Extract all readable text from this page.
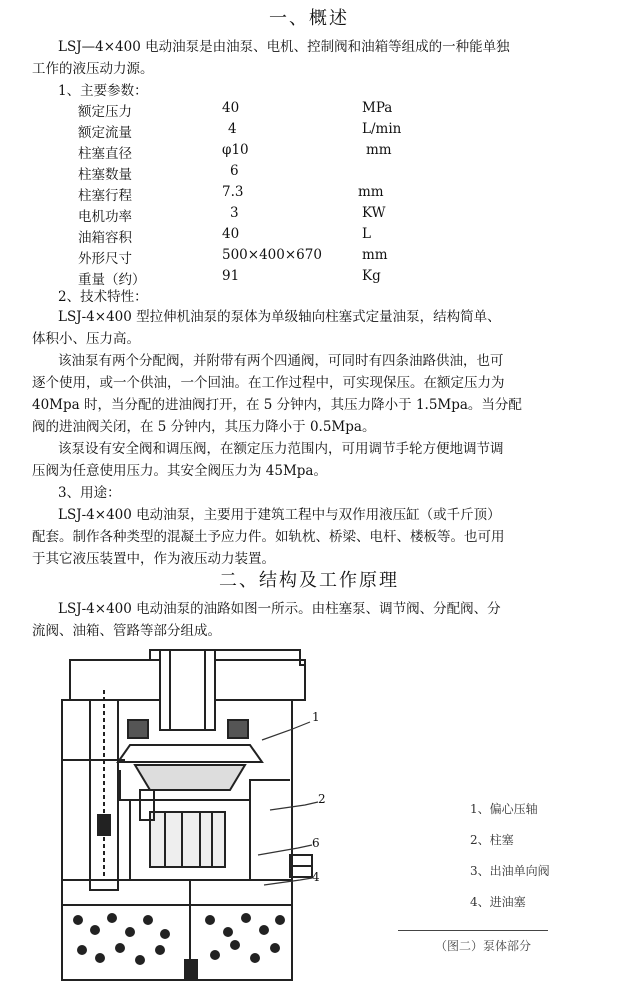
一、概述
LSJ—4×400 电动油泵是由油泵、电机、控制阀和油箱等组成的一种能单独
工作的液压动力源。
1、主要参数：
额定压力	40	MPa
额定流量	4	L/min
柱塞直径	φ10	mm
柱塞数量	6
柱塞行程	7.3	mm
电机功率	3	KW
油箱容积	40	L
外形尺寸	500×400×670	mm
重量（约）	91	Kg
2、技术特性：
LSJ-4×400 型拉伸机油泵的泵体为单级轴向柱塞式定量油泵，结构简单、
体积小、压力高。
该油泵有两个分配阀，并附带有两个四通阀，可同时有四条油路供油，也可
逐个使用，或一个供油，一个回油。在工作过程中，可实现保压。在额定压力为
40Mpa 时，当分配的进油阀打开，在 5 分钟内，其压力降小于 1.5Mpa。当分配
阀的进油阀关闭，在 5 分钟内，其压力降小于 0.5Mpa。
该泵设有安全阀和调压阀，在额定压力范围内，可用调节手轮方便地调节调
压阀为任意使用压力。其安全阀压力为 45Mpa。
3、用途：
LSJ-4×400 电动油泵，主要用于建筑工程中与双作用液压缸（或千斤顶）
配套。制作各种类型的混凝土予应力件。如轨枕、桥梁、电杆、楼板等。也可用
于其它液压装置中，作为液压动力装置。
二、结构及工作原理
LSJ-4×400 电动油泵的油路如图一所示。由柱塞泵、调节阀、分配阀、分
流阀、油箱、管路等部分组成。
1
2
6
4
1、偏心压轴
2、柱塞
3、出油单向阀
4、进油塞
（图二）泵体部分
